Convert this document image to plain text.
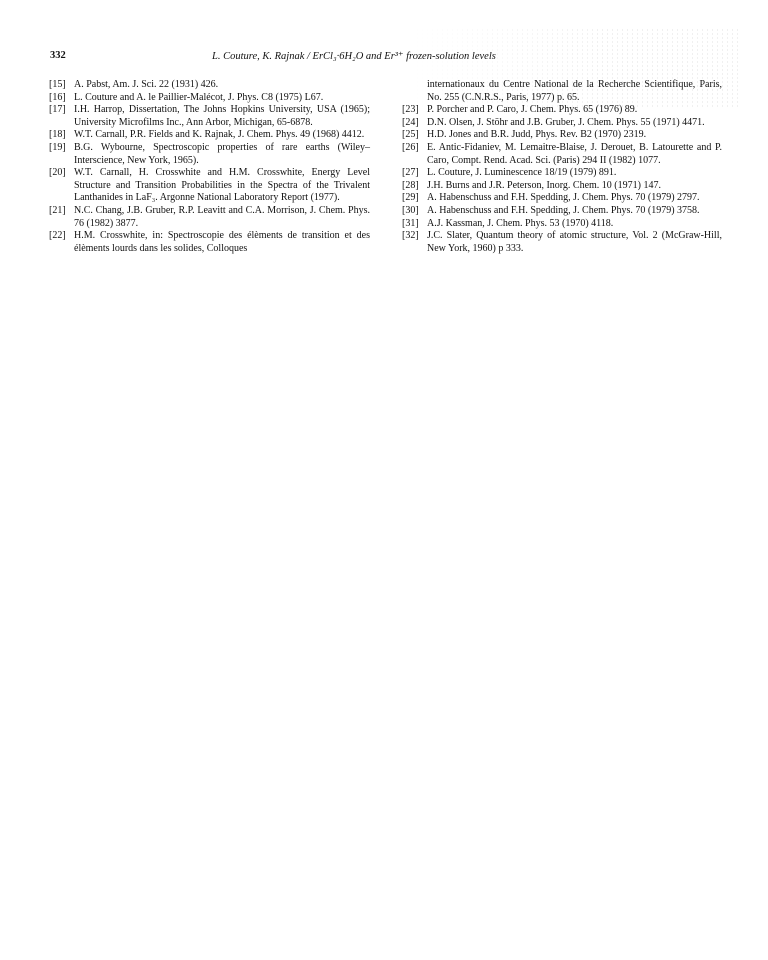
332	L. Couture, K. Rajnak / ErCl₃·6H₂O and Er³⁺ frozen-solution levels
[15] A. Pabst, Am. J. Sci. 22 (1931) 426.
[16] L. Couture and A. le Paillier-Malécot, J. Phys. C8 (1975) L67.
[17] I.H. Harrop, Dissertation, The Johns Hopkins University, USA (1965); University Microfilms Inc., Ann Arbor, Michigan, 65-6878.
[18] W.T. Carnall, P.R. Fields and K. Rajnak, J. Chem. Phys. 49 (1968) 4412.
[19] B.G. Wybourne, Spectroscopic properties of rare earths (Wiley–Interscience, New York, 1965).
[20] W.T. Carnall, H. Crosswhite and H.M. Crosswhite, Energy Level Structure and Transition Probabilities in the Spectra of the Trivalent Lanthanides in LaF₃. Argonne National Laboratory Report (1977).
[21] N.C. Chang, J.B. Gruber, R.P. Leavitt and C.A. Morrison, J. Chem. Phys. 76 (1982) 3877.
[22] H.M. Crosswhite, in: Spectroscopie des élèments de transition et des élèments lourds dans les solides, Colloques
internationaux du Centre National de la Recherche Scientifique, Paris, No. 255 (C.N.R.S., Paris, 1977) p. 65.
[23] P. Porcher and P. Caro, J. Chem. Phys. 65 (1976) 89.
[24] D.N. Olsen, J. Stöhr and J.B. Gruber, J. Chem. Phys. 55 (1971) 4471.
[25] H.D. Jones and B.R. Judd, Phys. Rev. B2 (1970) 2319.
[26] E. Antic-Fidaniev, M. Lemaitre-Blaise, J. Derouet, B. Latourette and P. Caro, Compt. Rend. Acad. Sci. (Paris) 294 II (1982) 1077.
[27] L. Couture, J. Luminescence 18/19 (1979) 891.
[28] J.H. Burns and J.R. Peterson, Inorg. Chem. 10 (1971) 147.
[29] A. Habenschuss and F.H. Spedding, J. Chem. Phys. 70 (1979) 2797.
[30] A. Habenschuss and F.H. Spedding, J. Chem. Phys. 70 (1979) 3758.
[31] A.J. Kassman, J. Chem. Phys. 53 (1970) 4118.
[32] J.C. Slater, Quantum theory of atomic structure, Vol. 2 (McGraw-Hill, New York, 1960) p 333.
